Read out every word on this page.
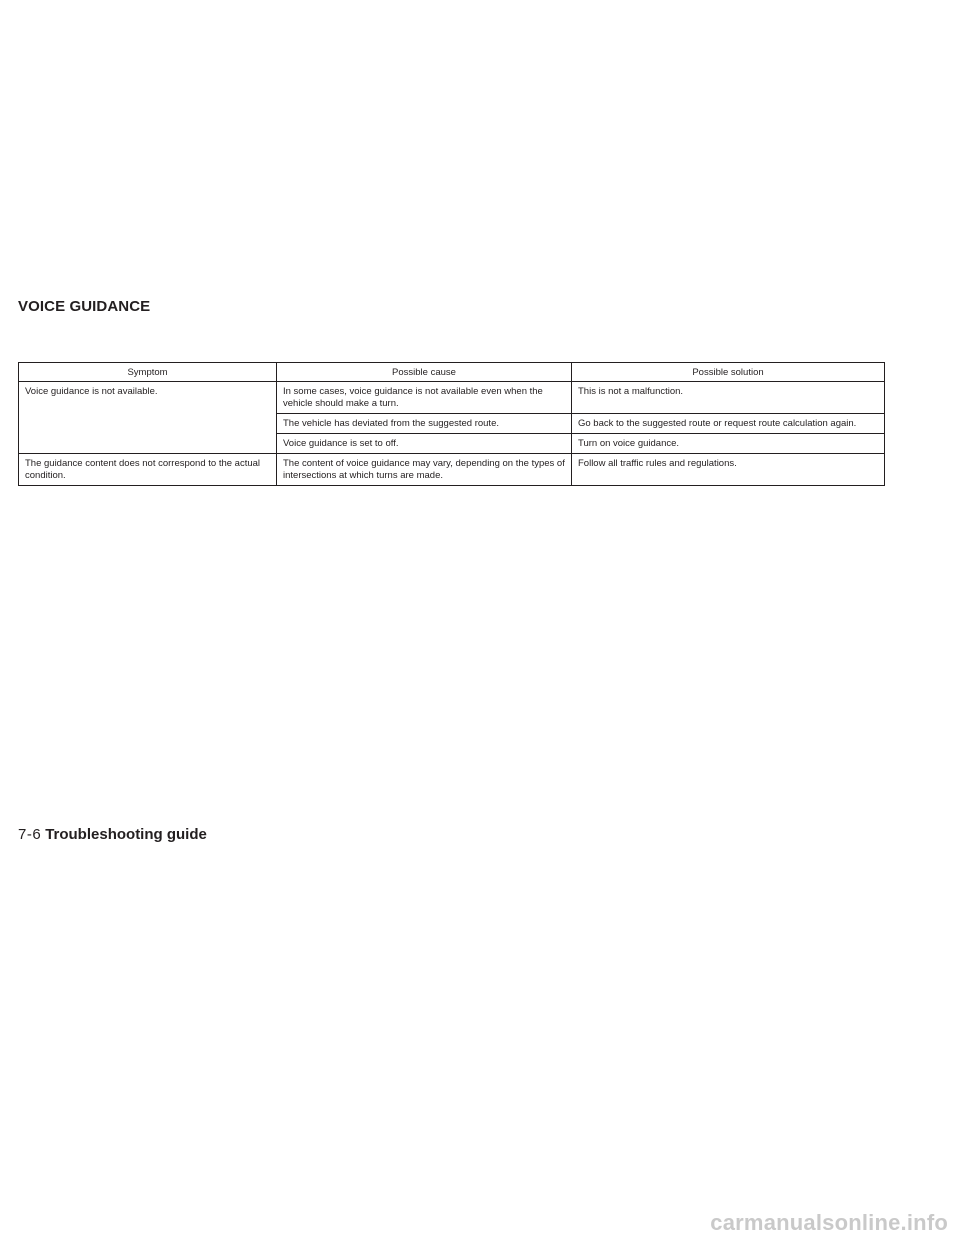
VOICE GUIDANCE
Symptom	Possible cause	Possible solution
Voice guidance is not available.	In some cases, voice guidance is not available even when the vehicle should make a turn.	This is not a malfunction.
	The vehicle has deviated from the suggested route.	Go back to the suggested route or request route calculation again.
	Voice guidance is set to off.	Turn on voice guidance.
The guidance content does not correspond to the actual condition.	The content of voice guidance may vary, depending on the types of intersections at which turns are made.	Follow all traffic rules and regulations.
7-6 Troubleshooting guide
carmanualsonline.info
